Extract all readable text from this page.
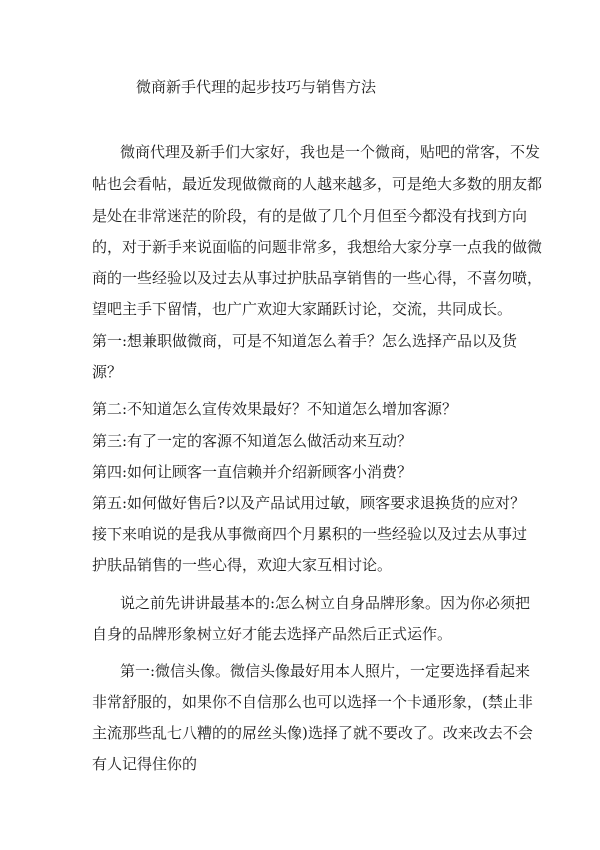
微商新手代理的起步技巧与销售方法
微商代理及新手们大家好，我也是一个微商，贴吧的常客，不发
帖也会看帖，最近发现做微商的人越来越多，可是绝大多数的朋友都
是处在非常迷茫的阶段，有的是做了几个月但至今都没有找到方向
的，对于新手来说面临的问题非常多，我想给大家分享一点我的做微
商的一些经验以及过去从事过护肤品享销售的一些心得，不喜勿喷，
望吧主手下留情，也广广欢迎大家踊跃讨论，交流，共同成长。
第一:想兼职做微商，可是不知道怎么着手？怎么选择产品以及货
源？
第二:不知道怎么宣传效果最好？不知道怎么增加客源？
第三:有了一定的客源不知道怎么做活动来互动？
第四:如何让顾客一直信赖并介绍新顾客小消费？
第五:如何做好售后?以及产品试用过敏，顾客要求退换货的应对？
接下来咱说的是我从事微商四个月累积的一些经验以及过去从事过
护肤品销售的一些心得，欢迎大家互相讨论。
说之前先讲讲最基本的:怎么树立自身品牌形象。因为你必须把
自身的品牌形象树立好才能去选择产品然后正式运作。
第一:微信头像。微信头像最好用本人照片，一定要选择看起来
非常舒服的，如果你不自信那么也可以选择一个卡通形象，(禁止非
主流那些乱七八糟的的屌丝头像)选择了就不要改了。改来改去不会
有人记得住你的
